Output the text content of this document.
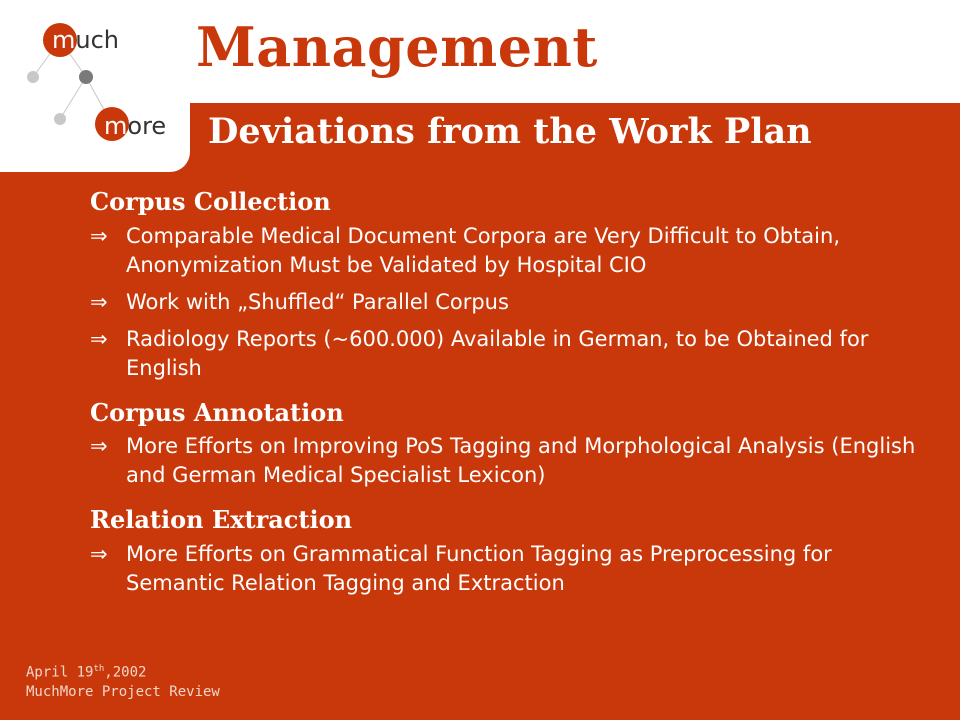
much
more
Management
Deviations from the Work Plan
Corpus Collection
⇒ Comparable Medical Document Corpora are Very Difficult to Obtain, Anonymization Must be Validated by Hospital CIO
⇒ Work with „Shuffled“ Parallel Corpus
⇒ Radiology Reports (~600.000) Available in German, to be Obtained for English
Corpus Annotation
⇒ More Efforts on Improving PoS Tagging and Morphological Analysis (English and German Medical Specialist Lexicon)
Relation Extraction
⇒ More Efforts on Grammatical Function Tagging as Preprocessing for Semantic Relation Tagging and Extraction
April 19th,2002
MuchMore Project Review
